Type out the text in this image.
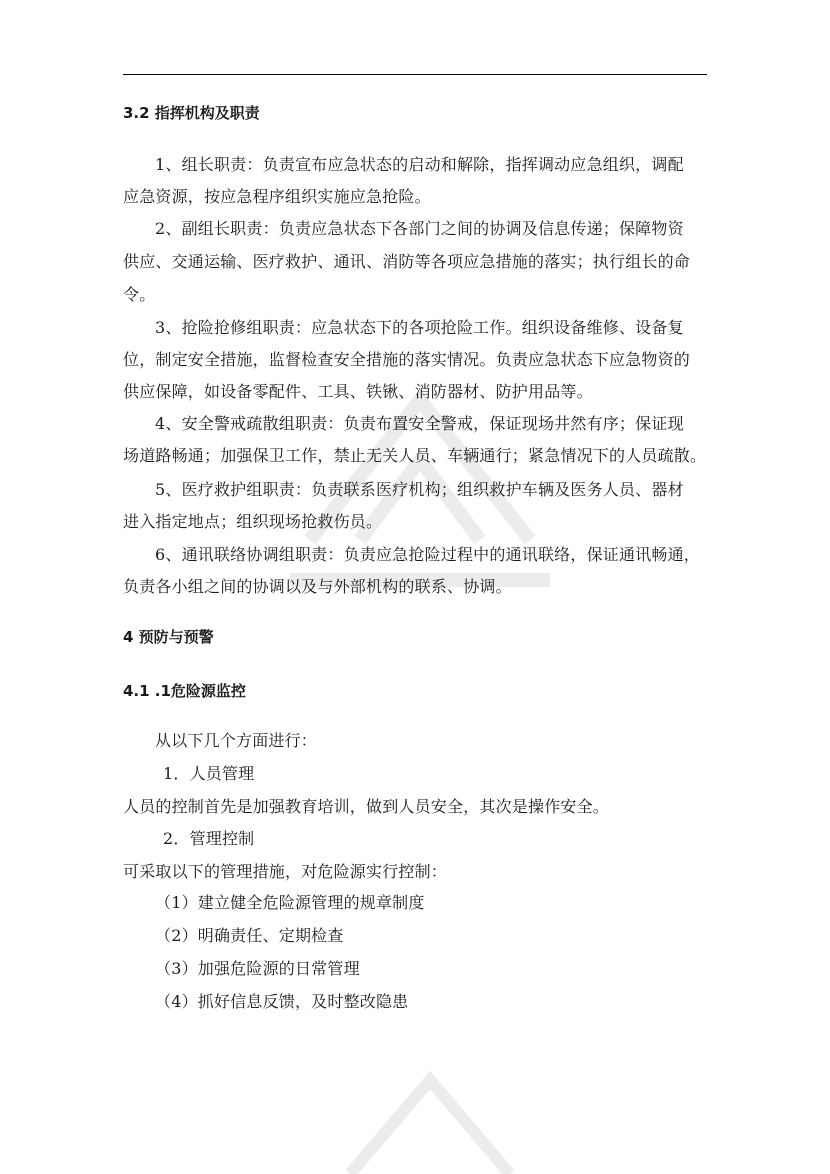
3.2 指挥机构及职责
1、组长职责：负责宣布应急状态的启动和解除，指挥调动应急组织，调配
应急资源，按应急程序组织实施应急抢险。
2、副组长职责：负责应急状态下各部门之间的协调及信息传递；保障物资
供应、交通运输、医疗救护、通讯、消防等各项应急措施的落实；执行组长的命
令。
3、抢险抢修组职责：应急状态下的各项抢险工作。组织设备维修、设备复
位，制定安全措施，监督检查安全措施的落实情况。负责应急状态下应急物资的
供应保障，如设备零配件、工具、铁锹、消防器材、防护用品等。
4、安全警戒疏散组职责：负责布置安全警戒，保证现场井然有序；保证现
场道路畅通；加强保卫工作，禁止无关人员、车辆通行；紧急情况下的人员疏散。
5、医疗救护组职责：负责联系医疗机构；组织救护车辆及医务人员、器材
进入指定地点；组织现场抢救伤员。
6、通讯联络协调组职责：负责应急抢险过程中的通讯联络，保证通讯畅通，
负责各小组之间的协调以及与外部机构的联系、协调。
4 预防与预警
4.1 .1危险源监控
从以下几个方面进行：
1．人员管理
人员的控制首先是加强教育培训，做到人员安全，其次是操作安全。
2．管理控制
可采取以下的管理措施，对危险源实行控制：
（1）建立健全危险源管理的规章制度
（2）明确责任、定期检查
（3）加强危险源的日常管理
（4）抓好信息反馈，及时整改隐患
